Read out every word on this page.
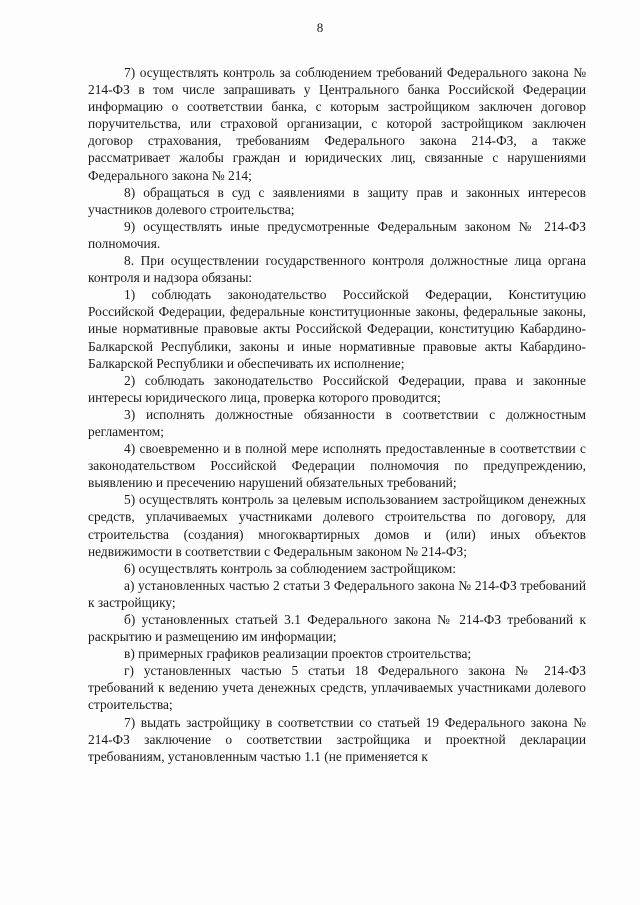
8

7) осуществлять контроль за соблюдением требований Федерального закона № 214-ФЗ в том числе запрашивать у Центрального банка Российской Федерации информацию о соответствии банка, с которым застройщиком заключен договор поручительства, или страховой организации, с которой застройщиком заключен договор страхования, требованиям Федерального закона 214-ФЗ, а также рассматривает жалобы граждан и юридических лиц, связанные с нарушениями Федерального закона № 214;

8) обращаться в суд с заявлениями в защиту прав и законных интересов участников долевого строительства;

9) осуществлять иные предусмотренные Федеральным законом № 214-ФЗ полномочия.

8. При осуществлении государственного контроля должностные лица органа контроля и надзора обязаны:

1) соблюдать законодательство Российской Федерации, Конституцию Российской Федерации, федеральные конституционные законы, федеральные законы, иные нормативные правовые акты Российской Федерации, конституцию Кабардино-Балкарской Республики, законы и иные нормативные правовые акты Кабардино-Балкарской Республики и обеспечивать их исполнение;

2) соблюдать законодательство Российской Федерации, права и законные интересы юридического лица, проверка которого проводится;

3) исполнять должностные обязанности в соответствии с должностным регламентом;

4) своевременно и в полной мере исполнять предоставленные в соответствии с законодательством Российской Федерации полномочия по предупреждению, выявлению и пресечению нарушений обязательных требований;

5) осуществлять контроль за целевым использованием застройщиком денежных средств, уплачиваемых участниками долевого строительства по договору, для строительства (создания) многоквартирных домов и (или) иных объектов недвижимости в соответствии с Федеральным законом № 214-ФЗ;

6) осуществлять контроль за соблюдением застройщиком:

а) установленных частью 2 статьи 3 Федерального закона № 214-ФЗ требований к застройщику;

б) установленных статьей 3.1 Федерального закона № 214-ФЗ требований к раскрытию и размещению им информации;

в) примерных графиков реализации проектов строительства;

г) установленных частью 5 статьи 18 Федерального закона № 214-ФЗ требований к ведению учета денежных средств, уплачиваемых участниками долевого строительства;

7) выдать застройщику в соответствии со статьей 19 Федерального закона № 214-ФЗ заключение о соответствии застройщика и проектной декларации требованиям, установленным частью 1.1 (не применяется к
